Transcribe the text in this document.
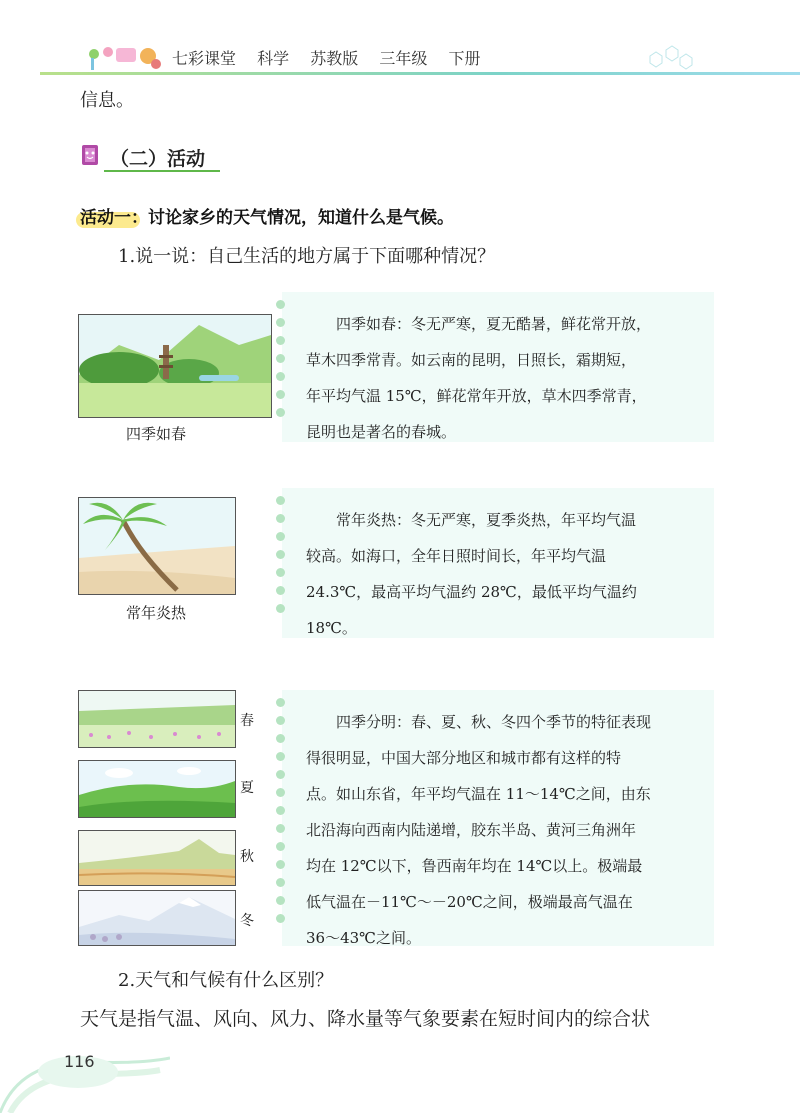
七彩课堂 科学 苏教版 三年级 下册
信息。
（二）活动
活动一：讨论家乡的天气情况，知道什么是气候。
1.说一说：自己生活的地方属于下面哪种情况？
四季如春
　　四季如春：冬无严寒，夏无酷暑，鲜花常开放，
草木四季常青。如云南的昆明，日照长，霜期短，
年平均气温 15℃，鲜花常年开放，草木四季常青，
昆明也是著名的春城。
常年炎热
　　常年炎热：冬无严寒，夏季炎热，年平均气温
较高。如海口，全年日照时间长，年平均气温
24.3℃，最高平均气温约 28℃，最低平均气温约
18℃。
春
夏
秋
冬
　　四季分明：春、夏、秋、冬四个季节的特征表现
得很明显，中国大部分地区和城市都有这样的特
点。如山东省，年平均气温在 11～14℃之间，由东
北沿海向西南内陆递增，胶东半岛、黄河三角洲年
均在 12℃以下，鲁西南年均在 14℃以上。极端最
低气温在－11℃～－20℃之间，极端最高气温在
36～43℃之间。
2.天气和气候有什么区别？
天气是指气温、风向、风力、降水量等气象要素在短时间内的综合状
116
